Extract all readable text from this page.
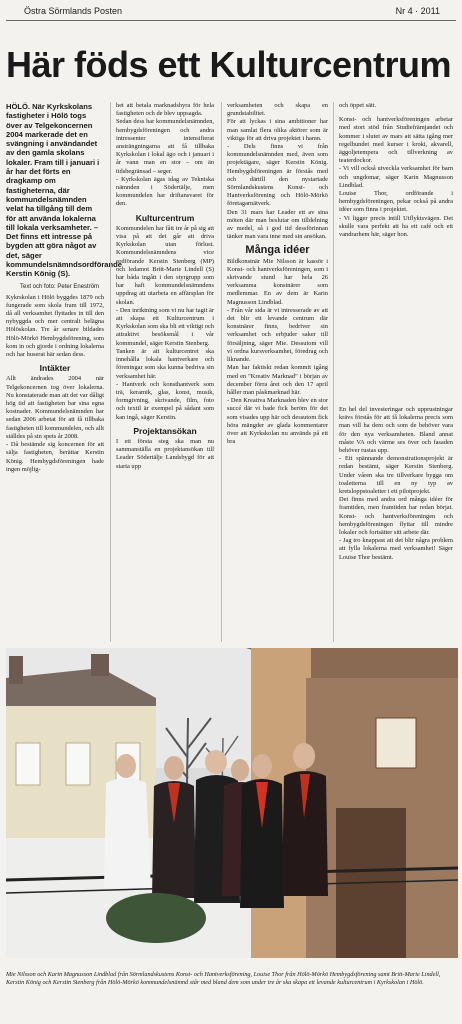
Östra Sörmlands Posten	Nr 4 · 2011
Här föds ett Kulturcentrum

HÖLÖ. När Kyrkskolans fastigheter i Hölö togs över av Telgekoncernen 2004 markerade det en svängning i användandet av den gamla skolans lokaler. Fram till i januari i år har det förts en dragkamp om fastigheterna, där kommundelsnämnden velat ha tillgång till dem för att använda lokalerna till lokala verksamheter. – Det finns ett intresse på bygden att göra något av det, säger kommundelsnämndsordförande Kerstin König (S).

Text och foto: Peter Eneström

Kykrskolan i Hölö byggdes 1879 och fungerade som skola fram till 1972, då all verksamhet flyttades in till den nybyggda och mer centralt belägna Hölöskolan. Tre år senare bildades Hölö-Mörkö Hembygdsförening, som kom in och gjorde i ordning lokalerna och har huserat här sedan dess.

Intäkter

Allt ändrades 2004 när Telgekoncernen tog över lokalerna. Nu konstaterade man att det var dåligt hög tid att fastigheten bar sina egna kostnader. Kommundelsnämnden har sedan 2006 arbetat för att få tillbaka fastigheten till kommundelen, och allt ställdes på sin spets år 2008.

- Då bestämde sig koncernen för att sälja fastigheten, berättar Kerstin König. Hembygdsföreningen hade ingen möjlig-

het att betala marknadshyra för hela fastigheten och de blev uppsagda.

Sedan dess har kommundelsnämnden, hembygdsföreningen och andra intressenter intensifierat ansträngningarna att få tillbaka Kyrkskolan i lokal ägo och i januari i år vann man en stor – om än tidsbegränsad – seger.

- Kyrkskolan ägas idag av Tekniska nämnden i Södertälje, men kommundelen har driftansvaret för den.

Kulturcentrum

Kommundelen har fått tre år på sig att visa på att det går att driva Kyrkskolan utan förlust. Kommundelsnämndens vice ordförande Kerstin Stenberg (MP) och ledamot Britt-Marie Lindell (S) har båda ingått i den styrgrupp som har haft kommundelsnämndens uppdrag att utarbeta en affärsplan för skolan.

- Den inriktning som vi nu har tagit är att skapa ett Kulturcentrum i Kyrkskolan som ska bli ett viktigt och attraktivt besöksmål i vår kommundel, säger Kerstin Stenberg.

Tanken är att kulturcentret ska innehålla lokala hantverkare och föreningar som ska kunna bedriva sin verksamhet här.

- Hantverk och konsthantverk som trä, keramik, glas, konst, musik, formgivning, skrivande, film, foto och textil är exempel på sådant som kan ingå, säger Kerstin.

Projektansökan

I ett första steg ska man nu sammanställa en projektansökan till Leader Södertälje Landsbygd för att starta upp

verksamheten och skapa en grundstabilitet.

För att lyckas i sina ambitioner har man samlat flera olika aktörer som är viktiga för att driva projektet i hamn.

- Dels finns vi från kommundelsnämnden med, även som projektägare, säger Kerstin König. Hembygdsföreningen är förstås med och därtill den nystartade Sörmlandskustens Konst- och Hantverksförening och Hölö-Mörkö företagarnätverk.

Den 31 mars har Leader ett av sina möten där man beslutar om tilldelning av medel, så i god tid dessförinnan tänker man vara inne med sin ansökan.

Många idéer

Bildkonstnär Mie Nilsson är kassör i Konst- och hantverksföreningen, som i skrivande stund har hela 26 verksamma konstnärer som medlemmar. En av dem är Karin Magnusson Lindblad.

- Från vår sida är vi intresserade av att det blir ett levande centrum där konstnärer finns, bedriver sin verksamhet och erbjuder saker till försäljning, säger Mie. Dessutom vill vi ordna kursverksamhet, föredrag och liknande.

Man har faktiskt redan kommit igång med en "Kreativ Marknad" i början av december förra året och den 17 april håller man påskmarknad här.

- Den Kreativa Marknaden blev en stor succé där vi bade fick beröm för det som visades upp här och dessutom fick höra mängder av glada kommentarer över att Kyrkskolan nu används på ett bra

och öppet sätt.

Konst- och hantverksföreningen arbetar med stort stöd från Studiefrämjandet och kommer i slutet av mars att sätta igång mer regelbundet med kurser i kroki, akvarell, äggoljetempera och tillverkning av teaterdockor.

- Vi vill också utveckla verksamhet för barn och ungdomar, säger Karin Magnusson Lindblad.

Louise Thor, ordförande i hembygdsföreningen, pekar också på andra idéer som finns i projektet.

- Vi ligger precis intill Utflyktsvägen. Det skulle vara perfekt att ha ett café och ett vandrarhem här, säger hon.

En hel del investeringar och upprustningar krävs förstås för att få lokalerna precis som man vill ha dem och som de behöver vara för den nya verksamheten. Bland annat måste VA och värme ses över och fasaden behöver rustas upp.

- Ett spännande demonstrationsprojekt är redan bestämt, säger Kerstin Stenberg. Under våren ska tre tillverkare bygga om toaletterna till en ny typ av kretsloppstoaletter i ett pilotprojekt.

Det finns med andra ord många idéer för framtiden, men framtiden har redan börjat. Konst- och hantverksföreningen och hembygdsföreningen flyttar till mindre lokaler och fortsätter sitt arbete där.

- Jag tro knappast att det blir några problem att fylla lokalerna med verksamhet! Säger Louise Thor bestämt.

Mie Nilsson och Karin Magnusson Lindblad från Sörmlandskustens Konst- och Hantverksförening, Louise Thor från Hölö-Mörkö Hembygdsförening samt Britt-Marie Lindell, Kerstin König och Kerstin Stenberg från Hölö-Mörkö kommundelsnämnd står med bland dem som under tre år ska skapa ett levande kulturcentrum i Kyrkskolan i Hölö.
